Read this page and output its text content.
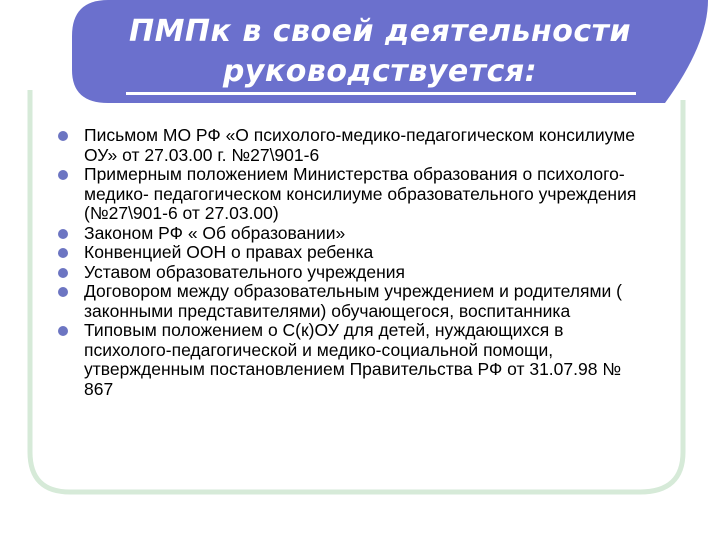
ПМПк в своей деятельности
руководствуется:
Письмом МО РФ «О психолого-медико-педагогическом консилиуме ОУ» от 27.03.00 г. №27\901-6
Примерным положением Министерства образования о психолого- медико- педагогическом консилиуме образовательного учреждения (№27\901-6 от 27.03.00)
Законом РФ « Об образовании»
Конвенцией ООН о правах ребенка
Уставом образовательного учреждения
Договором между образовательным учреждением и родителями ( законными представителями) обучающегося, воспитанника
Типовым положением о С(к)ОУ для детей, нуждающихся в психолого-педагогической и медико-социальной помощи, утвержденным постановлением Правительства РФ от 31.07.98 № 867
